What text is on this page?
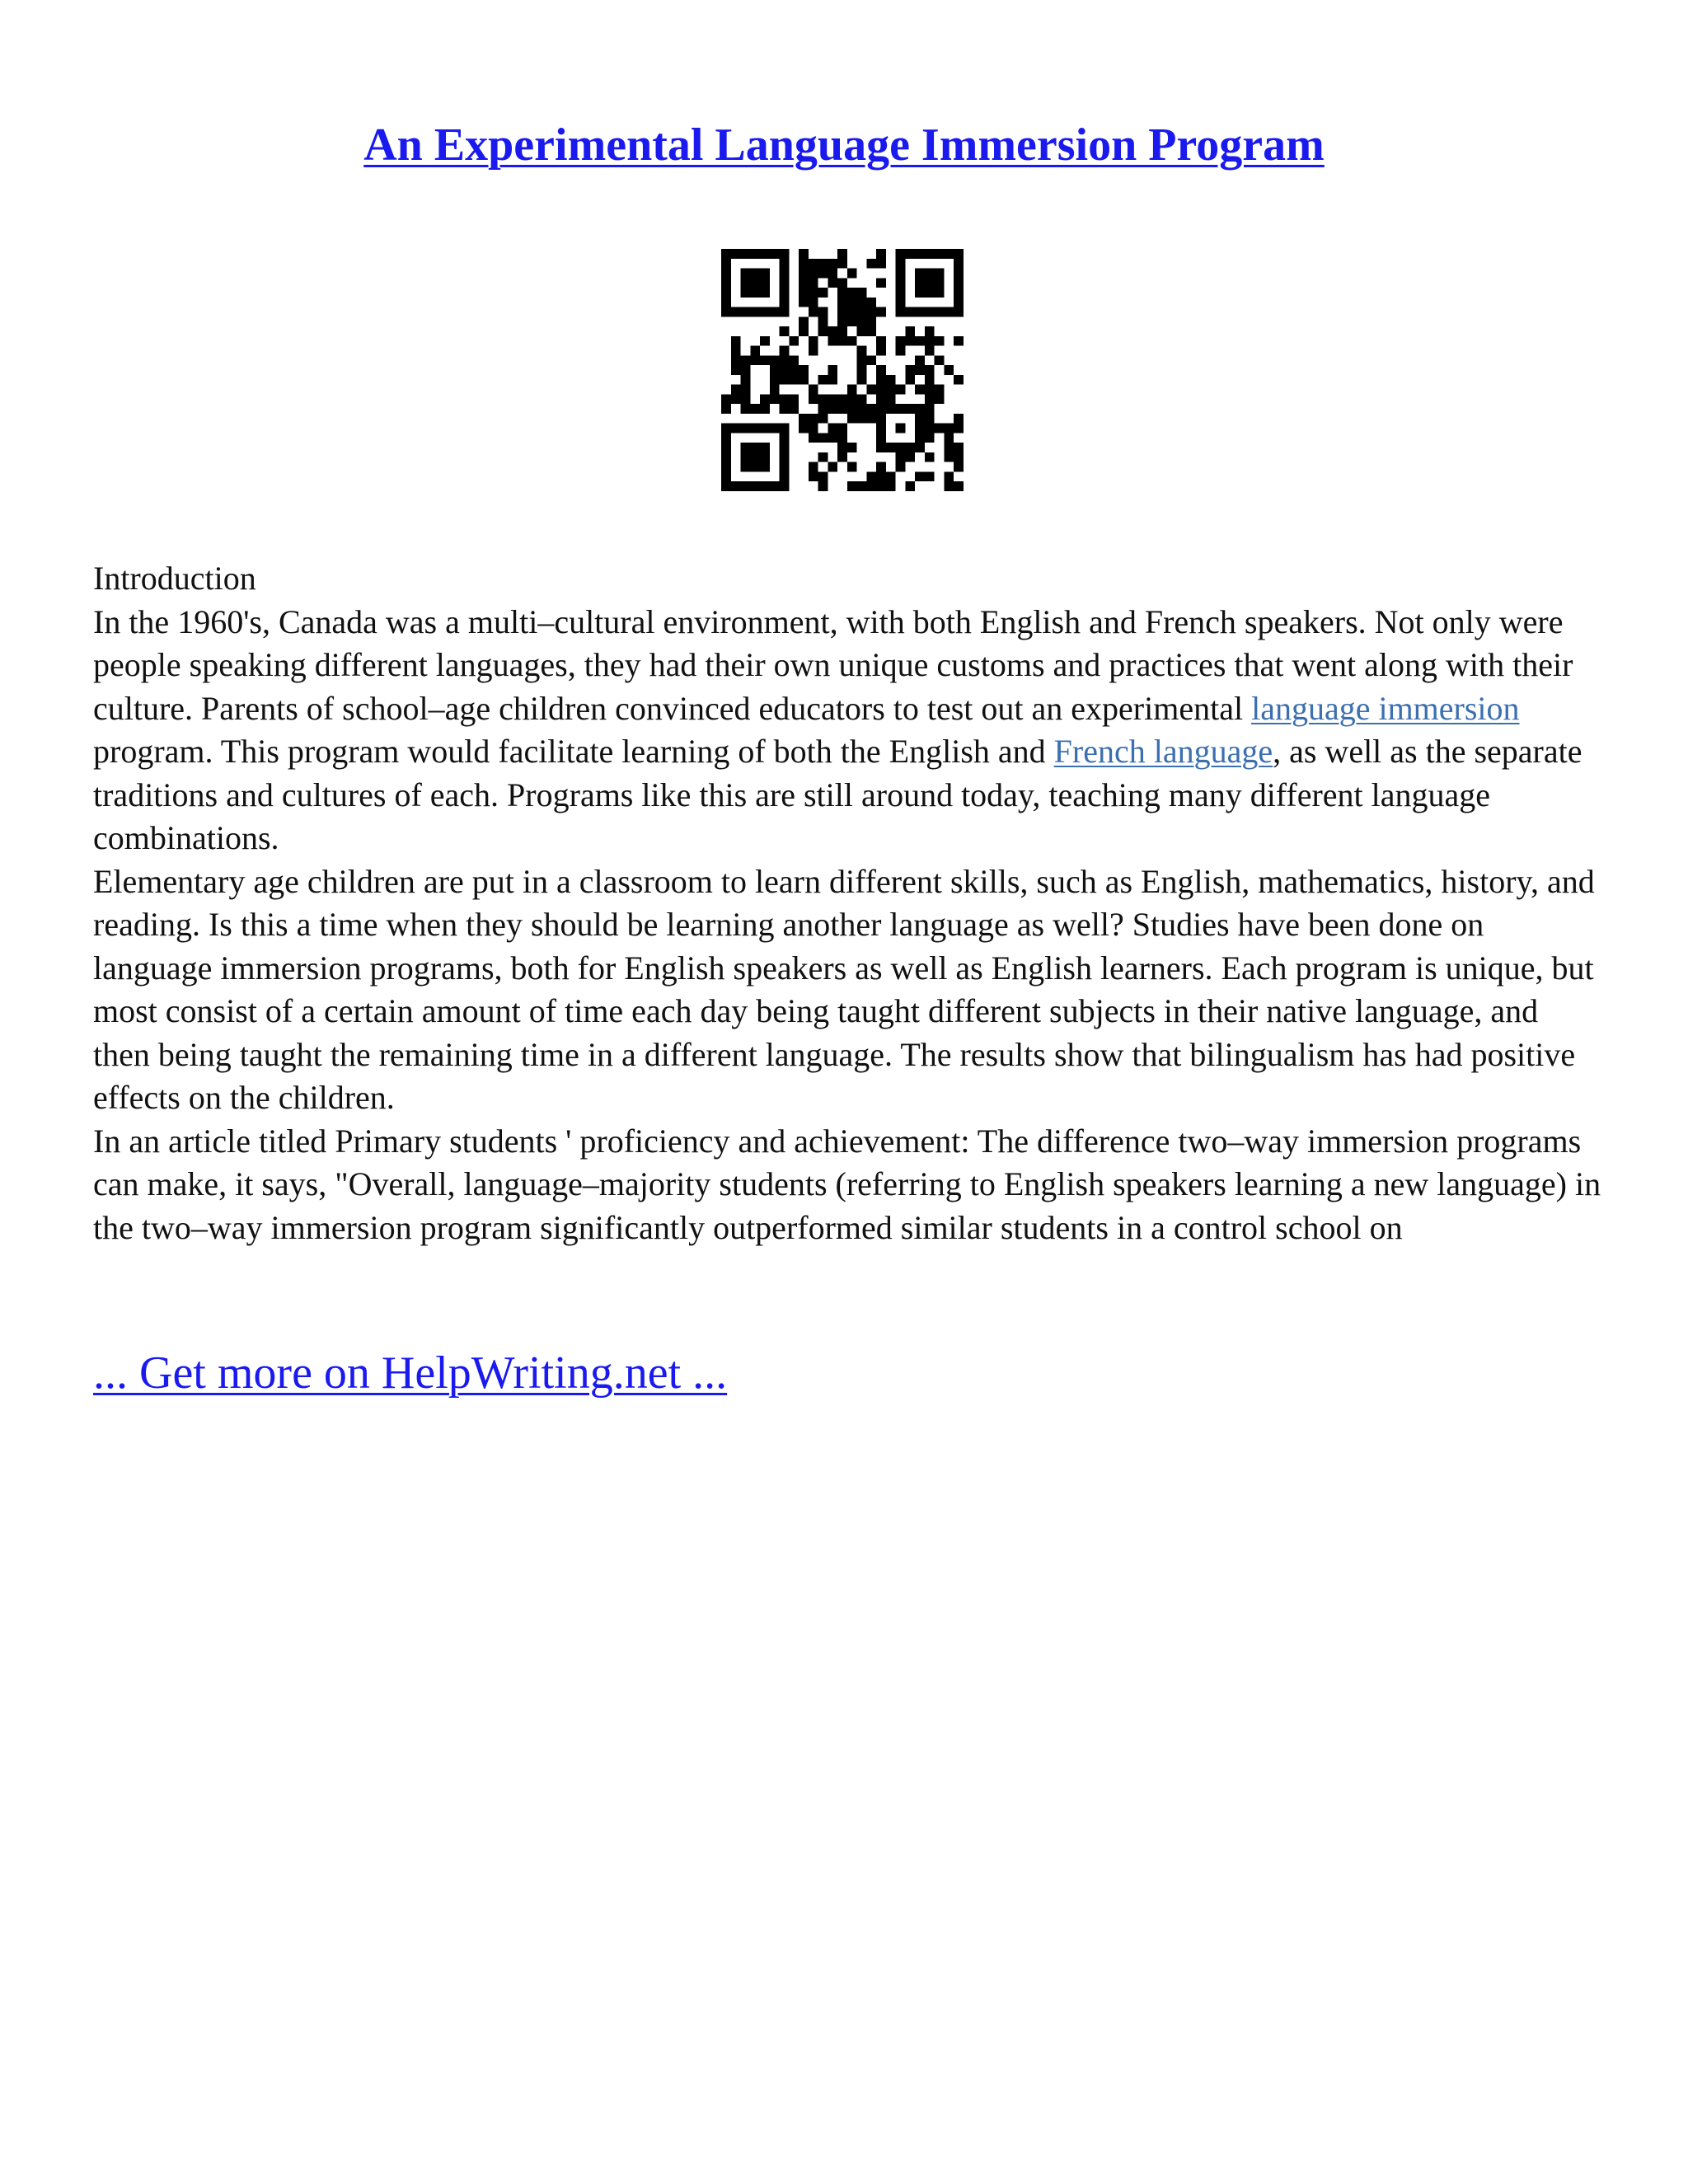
An Experimental Language Immersion Program

Introduction

In the 1960's, Canada was a multi–cultural environment, with both English and French speakers. Not only were people speaking different languages, they had their own unique customs and practices that went along with their culture. Parents of school–age children convinced educators to test out an experimental language immersion program. This program would facilitate learning of both the English and French language, as well as the separate traditions and cultures of each. Programs like this are still around today, teaching many different language combinations.

Elementary age children are put in a classroom to learn different skills, such as English, mathematics, history, and reading. Is this a time when they should be learning another language as well? Studies have been done on language immersion programs, both for English speakers as well as English learners. Each program is unique, but most consist of a certain amount of time each day being taught different subjects in their native language, and then being taught the remaining time in a different language. The results show that bilingualism has had positive effects on the children.

In an article titled Primary students ' proficiency and achievement: The difference two–way immersion programs can make, it says, "Overall, language–majority students (referring to English speakers learning a new language) in the two–way immersion program significantly outperformed similar students in a control school on

... Get more on HelpWriting.net ...
